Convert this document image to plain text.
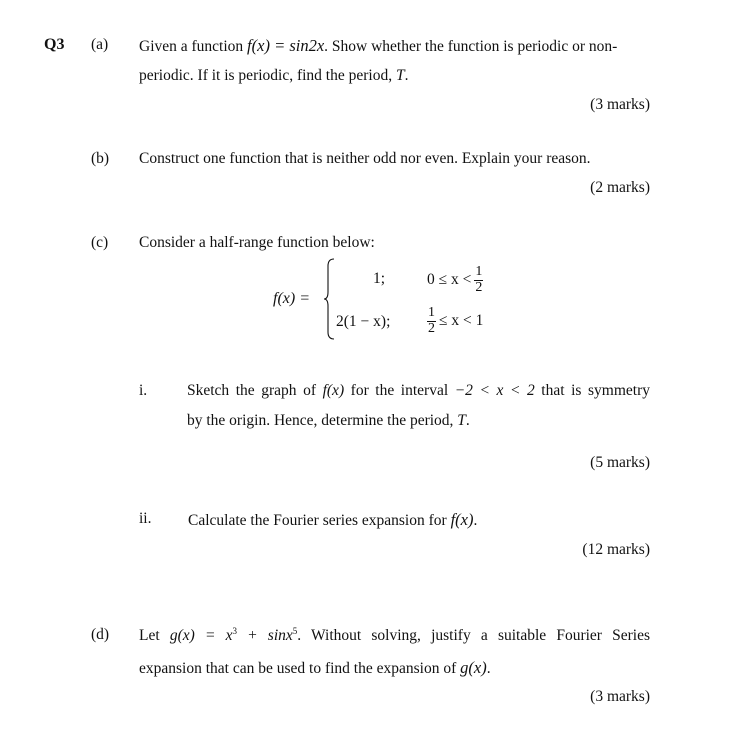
Q3 (a) Given a function f(x) = sin2x. Show whether the function is periodic or non-
periodic. If it is periodic, find the period, T.
(3 marks)
(b) Construct one function that is neither odd nor even. Explain your reason.
(2 marks)
(c) Consider a half-range function below:
f(x) =
1;	$0 \le x < \frac{1}{2}$
2(1 − x);	$\frac{1}{2} \le x < 1$
i.	Sketch the graph of f(x) for the interval −2 < x < 2 that is symmetry
by the origin. Hence, determine the period, T.
(5 marks)
ii. Calculate the Fourier series expansion for f(x).
(12 marks)
(d) Let $g(x) = x^3 + \sin x^5$. Without solving, justify a suitable Fourier Series
expansion that can be used to find the expansion of g(x).
(3 marks)
